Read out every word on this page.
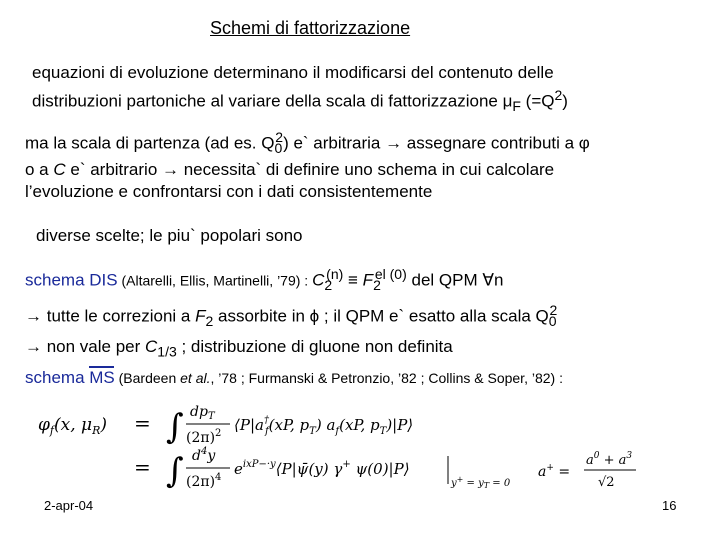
Schemi di fattorizzazione
equazioni di evoluzione determinano il modificarsi del contenuto delle
distribuzioni partoniche al variare della scala di fattorizzazione $\mu_F$ $(=Q^2)$
ma la scala di partenza (ad es. $Q_0^2$) e` arbitraria → assegnare contributi a φ
o a C e` arbitrario → necessita` di definire uno schema in cui calcolare
l’evoluzione e confrontarsi con i dati consistentemente
diverse scelte; le piu` popolari sono
schema DIS (Altarelli, Ellis, Martinelli, ’79) : $C_2^{(n)} \equiv F_2^{el (0)}$ del QPM ∀n
→ tutte le correzioni a $F_2$ assorbite in ϕ ; il QPM e` esatto alla scala $Q_0^2$
→ non vale per $C_{1/3}$ ; distribuzione di gluone non definita
schema MS (Bardeen et al., ’78 ; Furmanski & Petronzio, ’82 ; Collins & Soper, ’82) :
$\varphi_f(x$, $\mu_R$) = ∫ $dp_T$
$(2\pi)^2$ ⟨P|a† f(xP, $p_T$) $a_f(xP$, $p_T)|P⟩$
= ∫ $d^4y$
$(2\pi)^4$ $e^{ixP}-\cdot y⟨P|\psī(y)$ γ+ ψ(0)|P⟩
$y^+ = y_T = 0$
a+ =
$a^0 + a^3$
√2
2-apr-04	16
